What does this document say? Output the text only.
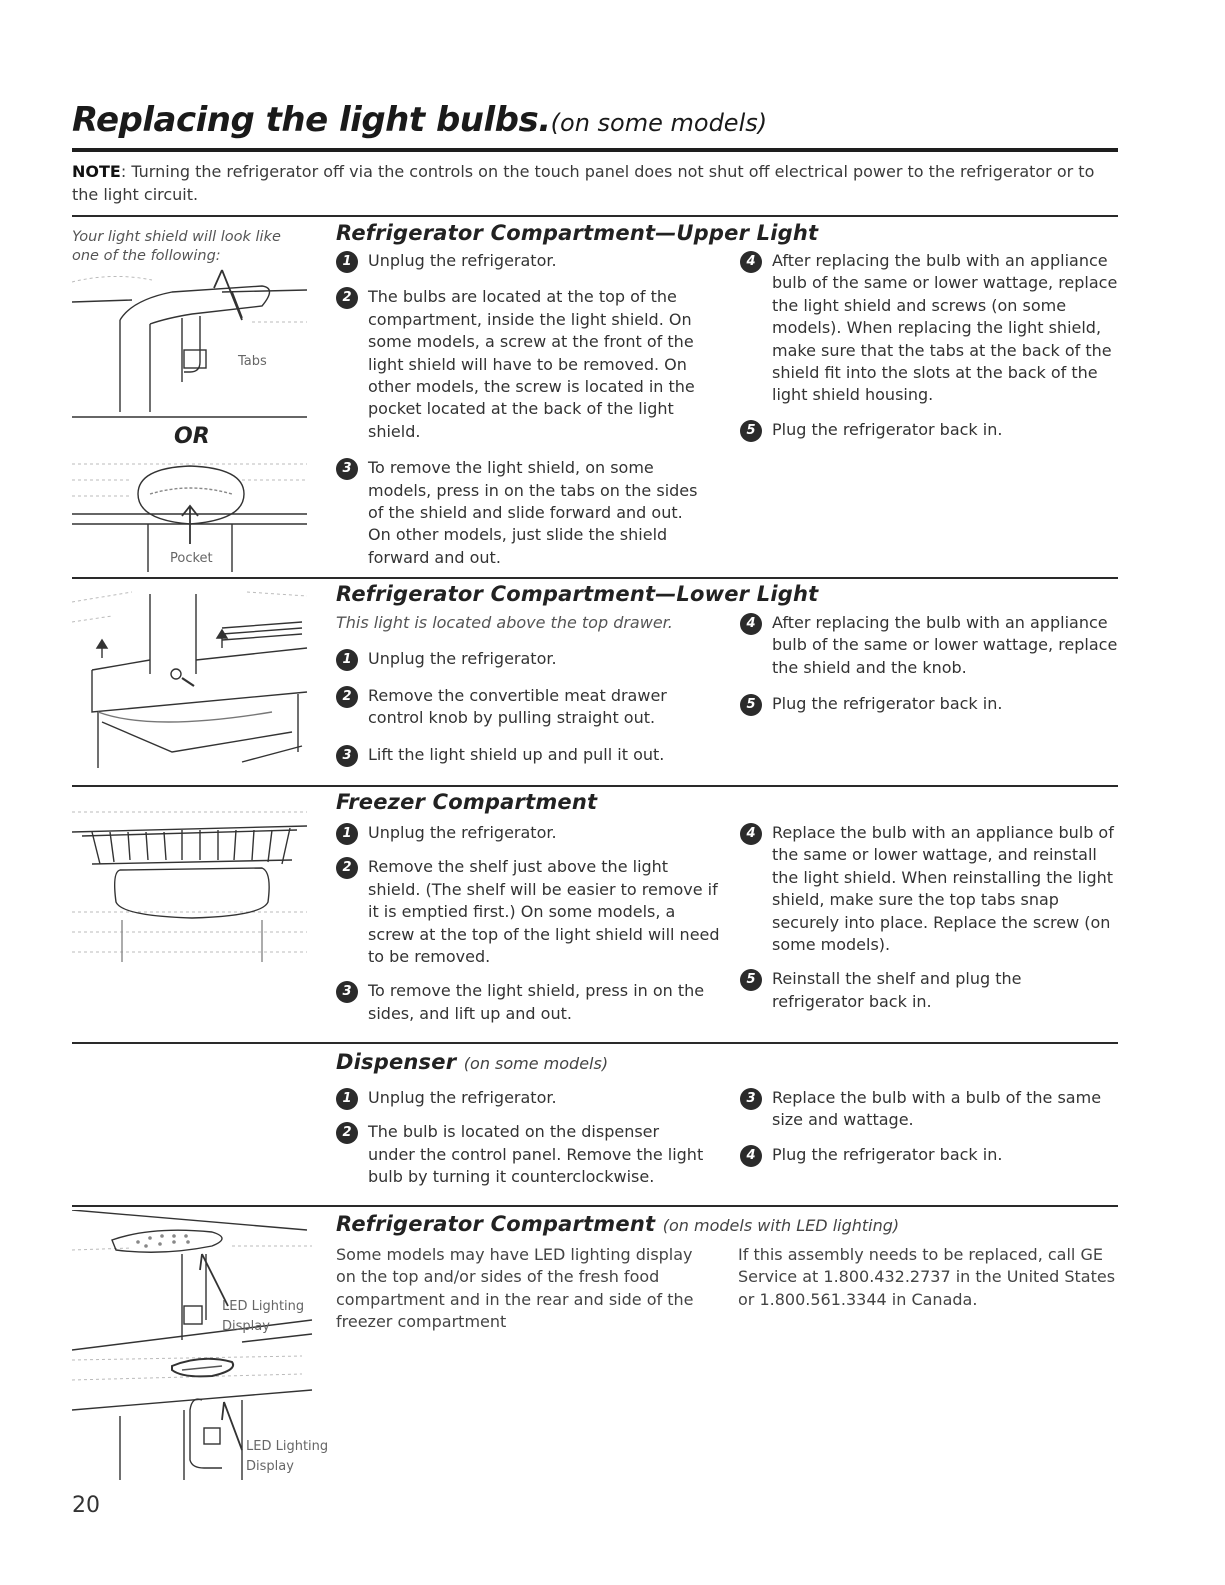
Replacing the light bulbs.(on some models)
NOTE: Turning the refrigerator off via the controls on the touch panel does not shut off electrical power to the refrigerator or to the light circuit.
Your light shield will look like one of the following:
Tabs
OR
Pocket
Refrigerator Compartment—Upper Light
1	Unplug the refrigerator.
2	The bulbs are located at the top of the compartment, inside the light shield. On some models, a screw at the front of the light shield will have to be removed. On other models, the screw is located in the pocket located at the back of the light shield.
3	To remove the light shield, on some models, press in on the tabs on the sides of the shield and slide forward and out. On other models, just slide the shield forward and out.
4	After replacing the bulb with an appliance bulb of the same or lower wattage, replace the light shield and screws (on some models). When replacing the light shield, make sure that the tabs at the back of the shield fit into the slots at the back of the light shield housing.
5	Plug the refrigerator back in.
Refrigerator Compartment—Lower Light
This light is located above the top drawer.
1	Unplug the refrigerator.
2	Remove the convertible meat drawer control knob by pulling straight out.
3	Lift the light shield up and pull it out.
4	After replacing the bulb with an appliance bulb of the same or lower wattage, replace the shield and the knob.
5	Plug the refrigerator back in.
Freezer Compartment
1	Unplug the refrigerator.
2	Remove the shelf just above the light shield. (The shelf will be easier to remove if it is emptied first.) On some models, a screw at the top of the light shield will need to be removed.
3	To remove the light shield, press in on the sides, and lift up and out.
4	Replace the bulb with an appliance bulb of the same or lower wattage, and reinstall the light shield. When reinstalling the light shield, make sure the top tabs snap securely into place. Replace the screw (on some models).
5	Reinstall the shelf and plug the refrigerator back in.
Dispenser (on some models)
1	Unplug the refrigerator.
2	The bulb is located on the dispenser under the control panel. Remove the light bulb by turning it counterclockwise.
3	Replace the bulb with a bulb of the same size and wattage.
4	Plug the refrigerator back in.
LED Lighting
Display
LED Lighting
Display
Refrigerator Compartment (on models with LED lighting)
Some models may have LED lighting display on the top and/or sides of the fresh food compartment and in the rear and side of the freezer compartment
If this assembly needs to be replaced, call GE Service at 1.800.432.2737 in the United States or 1.800.561.3344 in Canada.
20
